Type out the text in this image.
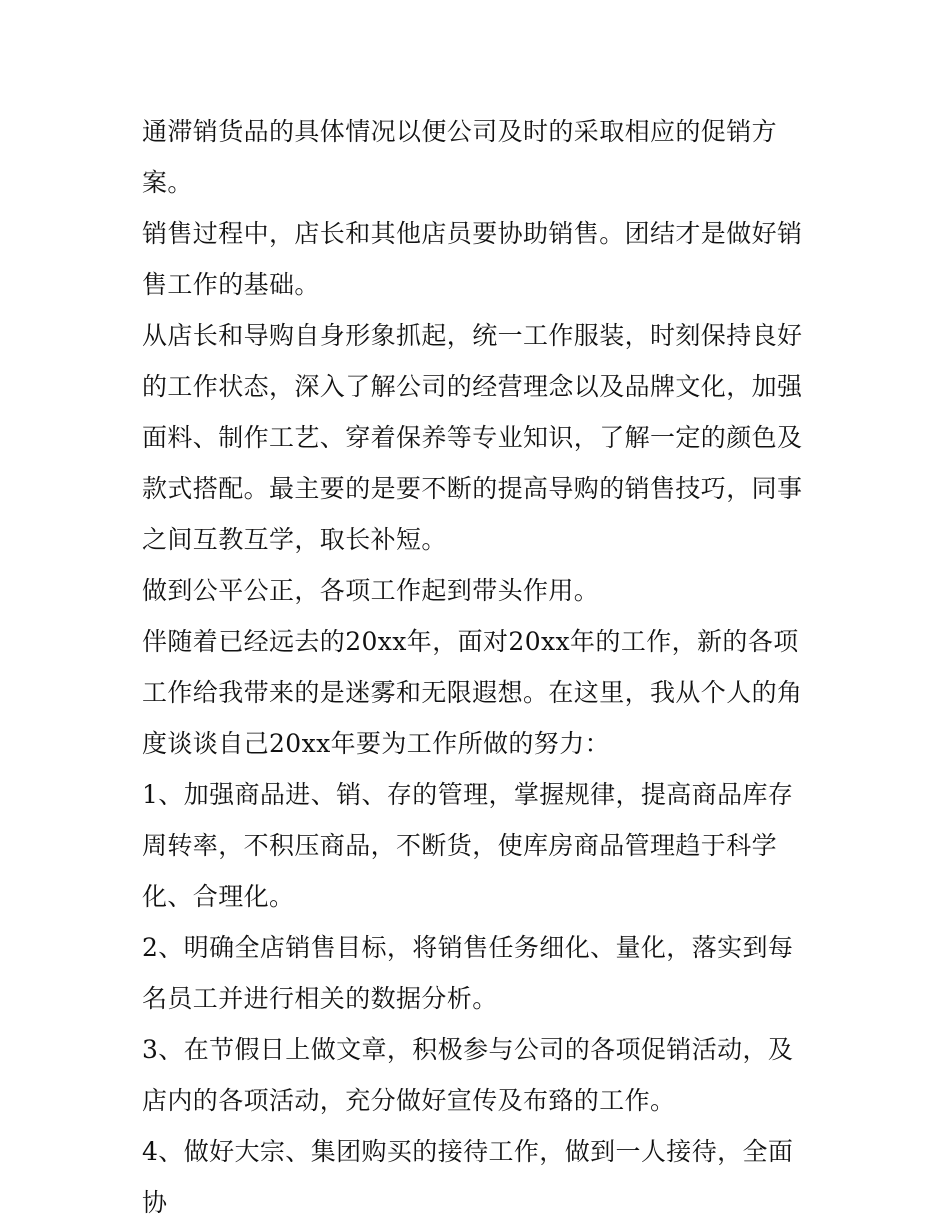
通滞销货品的具体情况以便公司及时的采取相应的促销方案。

销售过程中，店长和其他店员要协助销售。团结才是做好销售工作的基础。

从店长和导购自身形象抓起，统一工作服装，时刻保持良好的工作状态，深入了解公司的经营理念以及品牌文化，加强面料、制作工艺、穿着保养等专业知识，了解一定的颜色及款式搭配。最主要的是要不断的提高导购的销售技巧，同事之间互教互学，取长补短。

做到公平公正，各项工作起到带头作用。

伴随着已经远去的20xx年，面对20xx年的工作，新的各项工作给我带来的是迷雾和无限遐想。在这里，我从个人的角度谈谈自己20xx年要为工作所做的努力：

1、加强商品进、销、存的管理，掌握规律，提高商品库存周转率，不积压商品，不断货，使库房商品管理趋于科学化、合理化。

2、明确全店销售目标，将销售任务细化、量化，落实到每名员工并进行相关的数据分析。

3、在节假日上做文章，积极参与公司的各项促销活动，及店内的各项活动，充分做好宣传及布臵的工作。

4、做好大宗、集团购买的接待工作，做到一人接待，全面协
